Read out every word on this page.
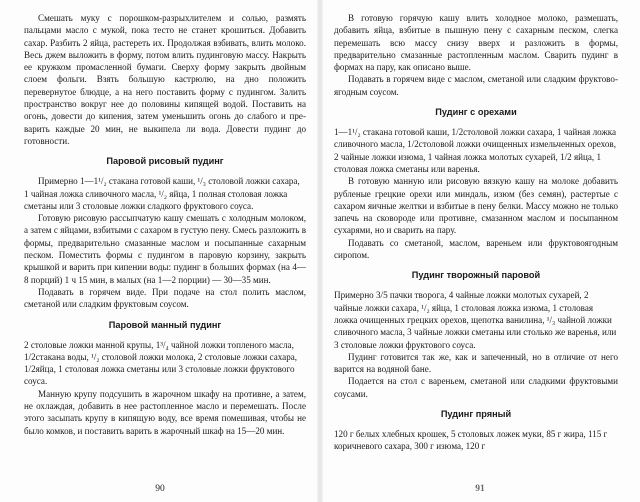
Смешать муку с порошком-разрыхлителем и солью, размять пальцами масло с мукой, пока тесто не станет крошиться. Добавить сахар. Разбить 2 яйца, растереть их. Продолжая взбивать, влить молоко. Весь джем выложить в форму, потом влить пудинговую массу. Накрыть ее кружком промасленной бумаги. Сверху форму закрыть двойным слоем фольги. Взять большую кастрюлю, на дно положить перевернутое блюдце, а на него поставить форму с пудингом. Залить пространство вокруг нее до половины кипящей водой. Поставить на огонь, довести до кипения, затем уменьшить огонь до слабого и преварить каждые 20 мин, не выкипела ли вода. Довести пудинг до готовности.

Паровой рисовый пудинг

Примерно 1—1¹/₂ стакана готовой каши, ¹/₃ столовой ложки сахара, 1 чайная ложка сливочного масла, ¹/₂ яйца, 1 полная столовая ложка сметаны или 3 столовые ложки сладкого фруктового соуса.

Готовую рисовую рассыпчатую кашу смешать с холодным молоком, а затем с яйцами, взбитыми с сахаром в густую пену. Смесь разложить в формы, предварительно смазанные маслом и посыпанные сахарным песком. Поместить формы с пудингом в паровую корзину, закрыть крышкой и варить при кипении воды: пудинг в больших формах (на 4—8 порций) 1 ч 15 мин, в малых (на 1—2 порции) — 30—35 мин.

Подавать в горячем виде. При подаче на стол полить маслом, сметаной или сладким фруктовым соусом.

Паровой манный пудинг

2 столовые ложки манной крупы, 1³/₄ чайной ложки топленого масла, 1/2стаканa воды, ¹/₂ столовой ложки молока, 2 столовые ложки сахара, 1/2яйца, 1 столовая ложка сметаны или 3 столовые ложки фруктового соуса.

Манную крупу подсушить в жарочном шкафу на противне, а затем, не охлаждая, добавить в нее растопленное масло и перемешать. После этого засыпать крупу в кипящую воду, все время помешивая, чтобы не было комков, и поставить варить в жарочный шкаф на 15—20 мин.

В готовую горячую кашу влить холодное молоко, размешать, добавить яйца, взбитые в пышную пену с сахарным песком, слегка перемешать всю массу снизу вверх и разложить в формы, предварительно смазанные растопленным маслом. Сварить пудинг в формах на пару, как описано выше.

Подавать в горячем виде с маслом, сметаной или сладким фруктово-ягодным соусом.

Пудинг с орехами

1—1¹/₂ стакана готовой каши, 1/2столовой ложки сахара, 1 чайная ложка сливочного масла, 1/2столовой ложки очищенных измельченных орехов, 2 чайные ложки изюма, 1 чайная ложка молотых сухарей, 1/2 яйца, 1 столовая ложка сметаны или варенья.

В готовую манную или рисовую вязкую кашу на молоке добавить рубленые грецкие орехи или миндаль, изюм (без семян), растертые с сахаром яичные желтки и взбитые в пену белки. Массу можно не только запечь на сковороде или противне, смазанном маслом и посыпанном сухарями, но и сварить на пару.

Подавать со сметаной, маслом, вареньем или фруктовоягодным сиропом.

Пудинг творожный паровой

Примерно 3/5 пачки творога, 4 чайные ложки молотых сухарей, 2 чайные ложки сахара, ¹/₂ яйца, 1 столовая ложка изюма, 1 столовая ложка очищенных грецких орехов, щепотка ванилина, ¹/₃ чайной ложки сливочного масла, 3 чайные ложки сметаны или столько же варенья, или 3 столовые ложки фруктового соуса.

Пудинг готовится так же, как и запеченный, но в отличие от него варится на водяной бане.

Подается на стол с вареньем, сметаной или сладкими фруктовыми соусами.

Пудинг пряный

120 г белых хлебных крошек, 5 столовых ложек муки, 85 г жира, 115 г коричневого сахара, 300 г изюма, 120 г

90	91
